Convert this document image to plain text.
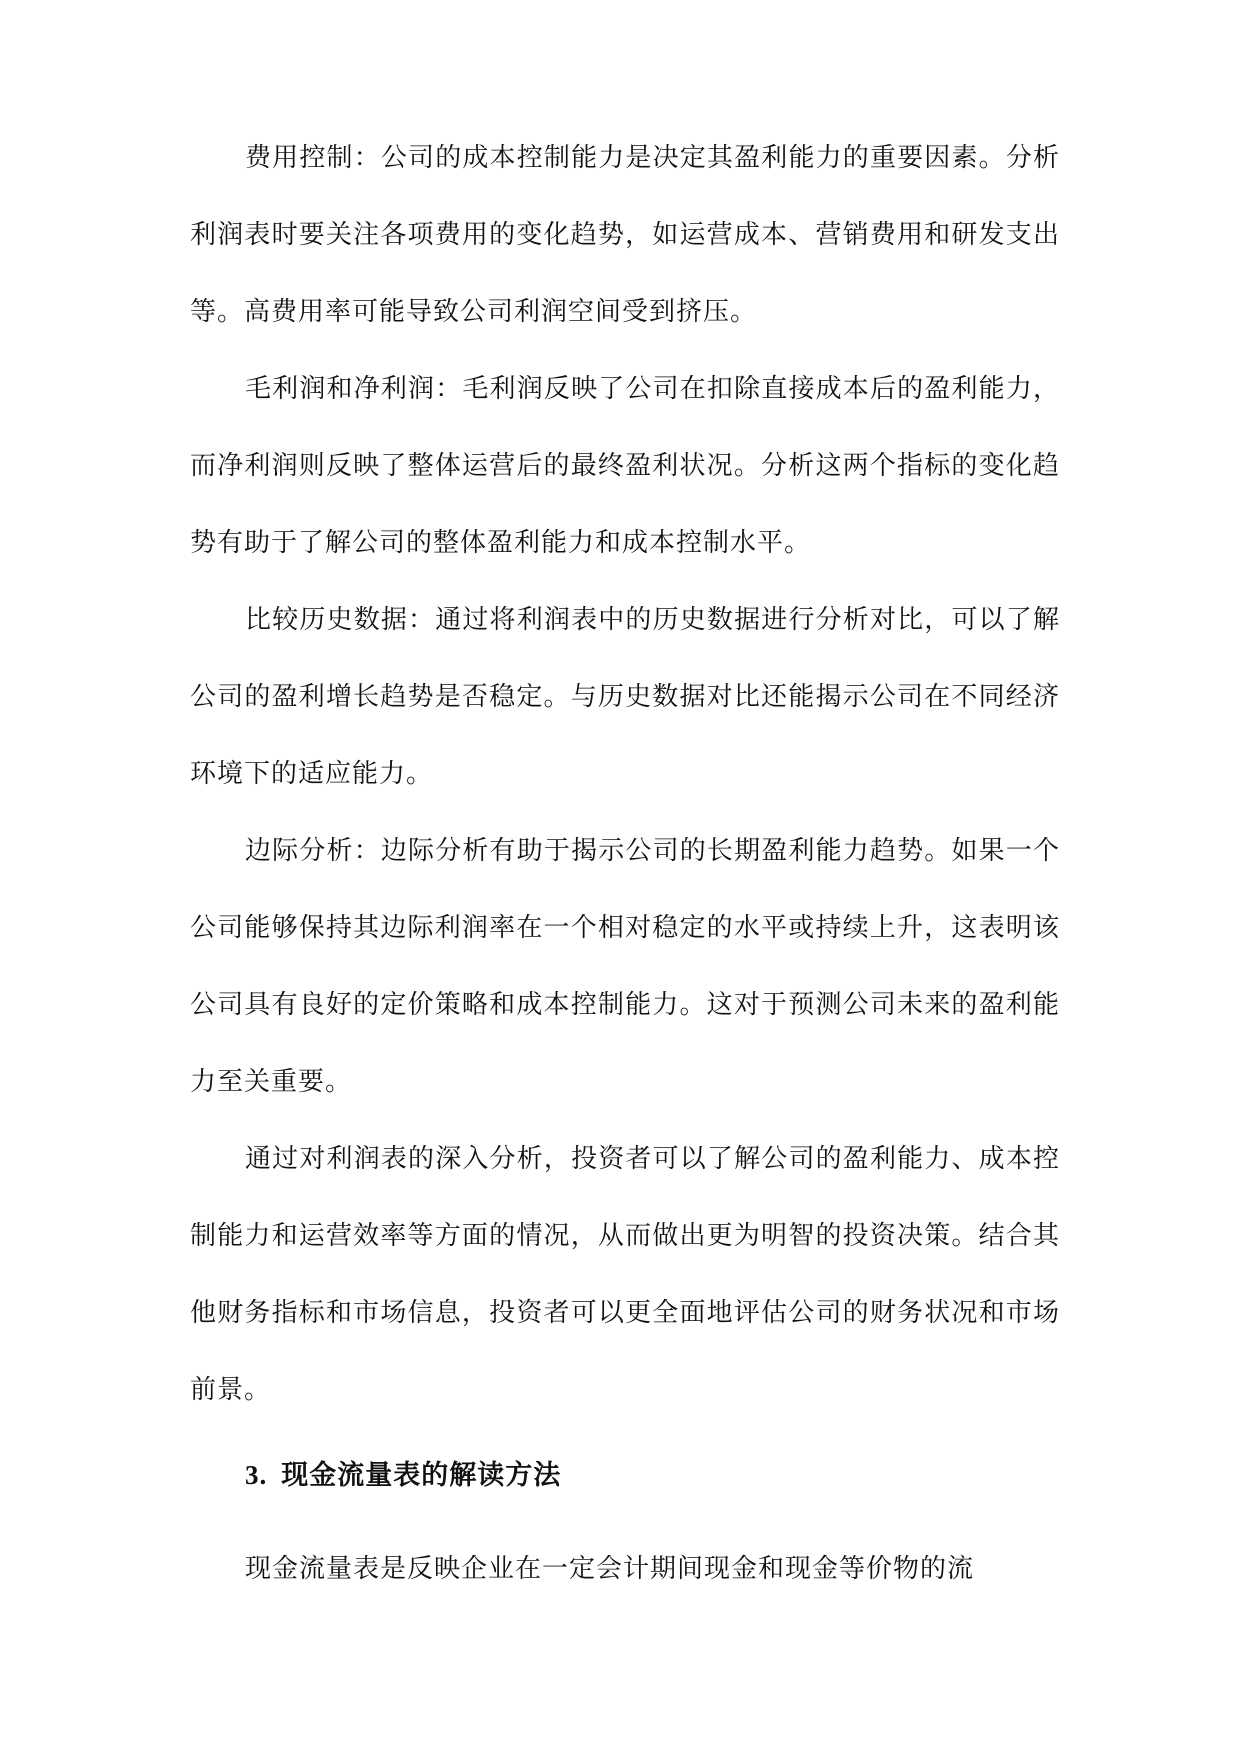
费用控制：公司的成本控制能力是决定其盈利能力的重要因素。分析利润表时要关注各项费用的变化趋势，如运营成本、营销费用和研发支出等。高费用率可能导致公司利润空间受到挤压。

毛利润和净利润：毛利润反映了公司在扣除直接成本后的盈利能力，而净利润则反映了整体运营后的最终盈利状况。分析这两个指标的变化趋势有助于了解公司的整体盈利能力和成本控制水平。

比较历史数据：通过将利润表中的历史数据进行分析对比，可以了解公司的盈利增长趋势是否稳定。与历史数据对比还能揭示公司在不同经济环境下的适应能力。

边际分析：边际分析有助于揭示公司的长期盈利能力趋势。如果一个公司能够保持其边际利润率在一个相对稳定的水平或持续上升，这表明该公司具有良好的定价策略和成本控制能力。这对于预测公司未来的盈利能力至关重要。

通过对利润表的深入分析，投资者可以了解公司的盈利能力、成本控制能力和运营效率等方面的情况，从而做出更为明智的投资决策。结合其他财务指标和市场信息，投资者可以更全面地评估公司的财务状况和市场前景。

3. 现金流量表的解读方法

现金流量表是反映企业在一定会计期间现金和现金等价物的流
